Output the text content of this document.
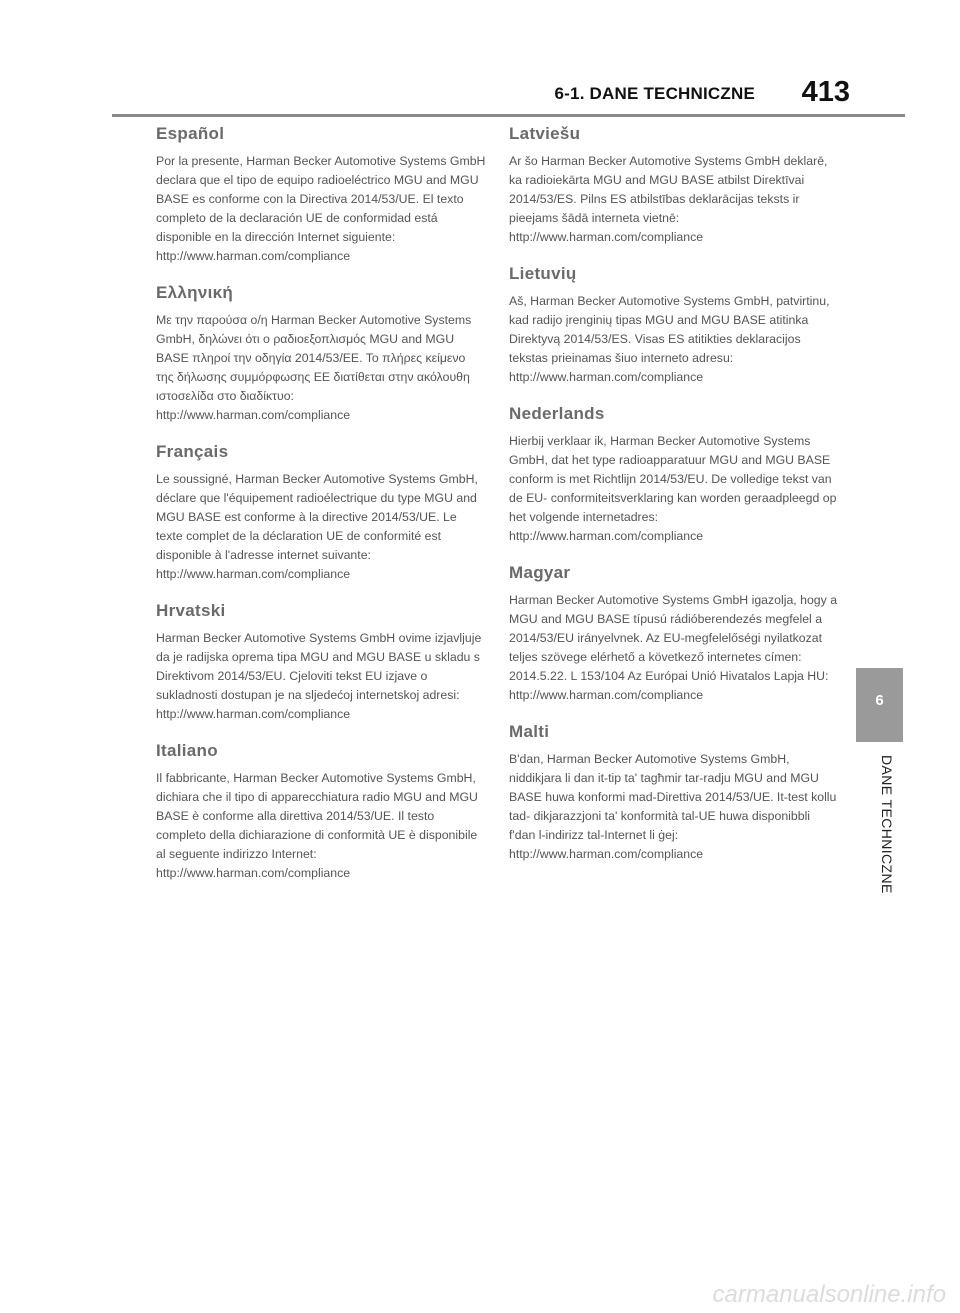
6-1. DANE TECHNICZNE 413
Español

Por la presente, Harman Becker Automotive Systems GmbH declara que el tipo de equipo radioeléctrico MGU and MGU BASE es conforme con la Directiva 2014/53/UE. El texto completo de la declaración UE de conformidad está disponible en la dirección Internet siguiente: http://www.harman.com/compliance

Ελληνική

Με την παρούσα ο/η Harman Becker Automotive Systems GmbH, δηλώνει ότι ο ραδιοεξοπλισμός MGU and MGU BASE πληροί την οδηγία 2014/53/ΕΕ. Το πλήρες κείμενο της δήλωσης συμμόρφωσης ΕΕ διατίθεται στην ακόλουθη ιστοσελίδα στο διαδίκτυο: http://www.harman.com/compliance

Français

Le soussigné, Harman Becker Automotive Systems GmbH, déclare que l'équipement radioélectrique du type MGU and MGU BASE est conforme à la directive 2014/53/UE. Le texte complet de la déclaration UE de conformité est disponible à l'adresse internet suivante: http://www.harman.com/compliance

Hrvatski

Harman Becker Automotive Systems GmbH ovime izjavljuje da je radijska oprema tipa MGU and MGU BASE u skladu s Direktivom 2014/53/EU. Cjeloviti tekst EU izjave o sukladnosti dostupan je na sljedećoj internetskoj adresi: http://www.harman.com/compliance

Italiano

Il fabbricante, Harman Becker Automotive Systems GmbH, dichiara che il tipo di apparecchiatura radio MGU and MGU BASE è conforme alla direttiva 2014/53/UE. Il testo completo della dichiarazione di conformità UE è disponibile al seguente indirizzo Internet: http://www.harman.com/compliance

Latviešu

Ar šo Harman Becker Automotive Systems GmbH deklarē, ka radioiekārta MGU and MGU BASE atbilst Direktīvai 2014/53/ES. Pilns ES atbilstības deklarācijas teksts ir pieejams šādā interneta vietnē: http://www.harman.com/compliance

Lietuvių

Aš, Harman Becker Automotive Systems GmbH, patvirtinu, kad radijo įrenginių tipas MGU and MGU BASE atitinka Direktyvą 2014/53/ES. Visas ES atitikties deklaracijos tekstas prieinamas šiuo interneto adresu: http://www.harman.com/compliance

Nederlands

Hierbij verklaar ik, Harman Becker Automotive Systems GmbH, dat het type radioapparatuur MGU and MGU BASE conform is met Richtlijn 2014/53/EU. De volledige tekst van de EU- conformiteitsverklaring kan worden geraadpleegd op het volgende internetadres: http://www.harman.com/compliance

Magyar

Harman Becker Automotive Systems GmbH igazolja, hogy a MGU and MGU BASE típusú rádióberendezés megfelel a 2014/53/EU irányelvnek. Az EU-megfelelőségi nyilatkozat teljes szövege elérhető a következő internetes címen: 2014.5.22. L 153/104 Az Európai Unió Hivatalos Lapja HU: http://www.harman.com/compliance

Malti

B'dan, Harman Becker Automotive Systems GmbH, niddikjara li dan it-tip ta' tagħmir tar-radju MGU and MGU BASE huwa konformi mad-Direttiva 2014/53/UE. It-test kollu tad- dikjarazzjoni ta' konformità tal-UE huwa disponibbli f'dan l-indirizz tal-Internet li ġej: http://www.harman.com/compliance

6
DANE TECHNICZNE
carmanualsonline.info
